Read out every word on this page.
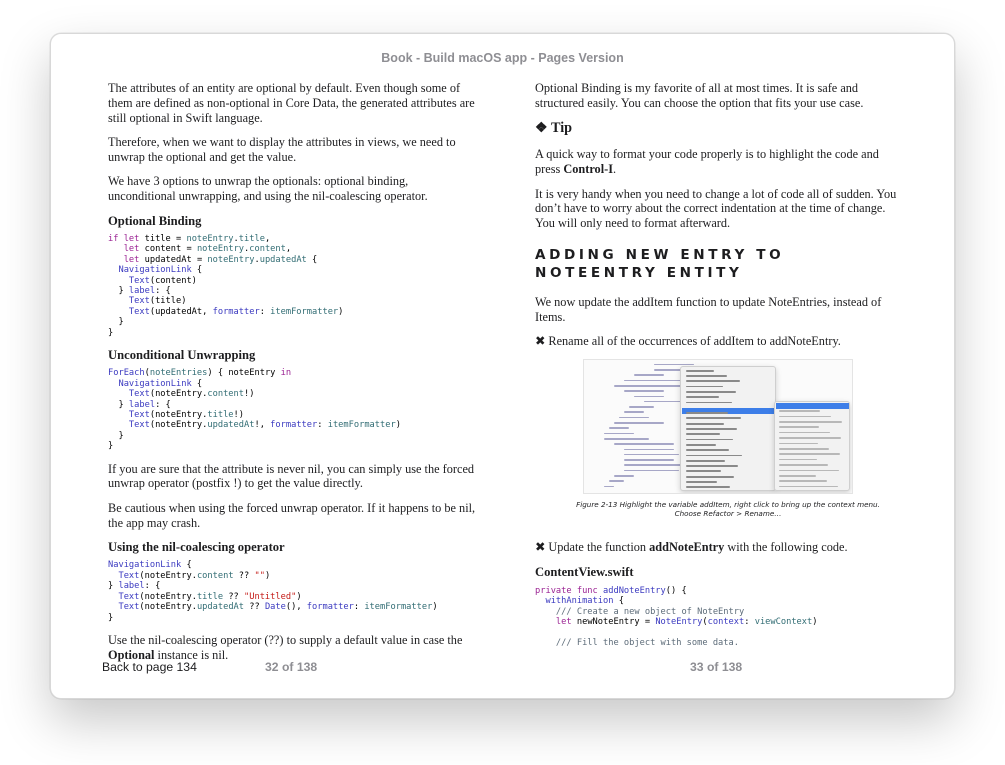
Book - Build macOS app - Pages Version

The attributes of an entity are optional by default. Even though some of them are defined as non-optional in Core Data, the generated attributes are still optional in Swift language.

Therefore, when we want to display the attributes in views, we need to unwrap the optional and get the value.

We have 3 options to unwrap the optionals: optional binding, unconditional unwrapping, and using the nil-coalescing operator.

Optional Binding
if let title = noteEntry.title,
let content = noteEntry.content,
let updatedAt = noteEntry.updatedAt {
NavigationLink {
Text(content)
} label: {
Text(title)
Text(updatedAt, formatter: itemFormatter)
}
}
Unconditional Unwrapping
ForEach(noteEntries) { noteEntry in
NavigationLink {
Text(noteEntry.content!)
} label: {
Text(noteEntry.title!)
Text(noteEntry.updatedAt!, formatter: itemFormatter)
}
}

If you are sure that the attribute is never nil, you can simply use the forced unwrap operator (postfix !) to get the value directly.

Be cautious when using the forced unwrap operator. If it happens to be nil, the app may crash.

Using the nil-coalescing operator
NavigationLink {
Text(noteEntry.content ?? "")
} label: {
Text(noteEntry.title ?? "Untitled")
Text(noteEntry.updatedAt ?? Date(), formatter: itemFormatter)
}

Use the nil-coalescing operator (??) to supply a default value in case the Optional instance is nil.

Optional Binding is my favorite of all at most times. It is safe and structured easily. You can choose the option that fits your use case.

❖ Tip

A quick way to format your code properly is to highlight the code and press Control-I.

It is very handy when you need to change a lot of code all of sudden. You don’t have to worry about the correct indentation at the time of change. You will only need to format afterward.

ADDING NEW ENTRY TO NOTEENTRY ENTITY

We now update the addItem function to update NoteEntries, instead of Items.

✖ Rename all of the occurrences of addItem to addNoteEntry.

Figure 2-13 Highlight the variable addItem, right click to bring up the context menu.
Choose Refactor > Rename…

✖ Update the function addNoteEntry with the following code.

ContentView.swift
private func addNoteEntry() {
withAnimation {
/// Create a new object of NoteEntry
let newNoteEntry = NoteEntry(context: viewContext)

/// Fill the object with some data.
Back to page 134	32 of 138	33 of 138
